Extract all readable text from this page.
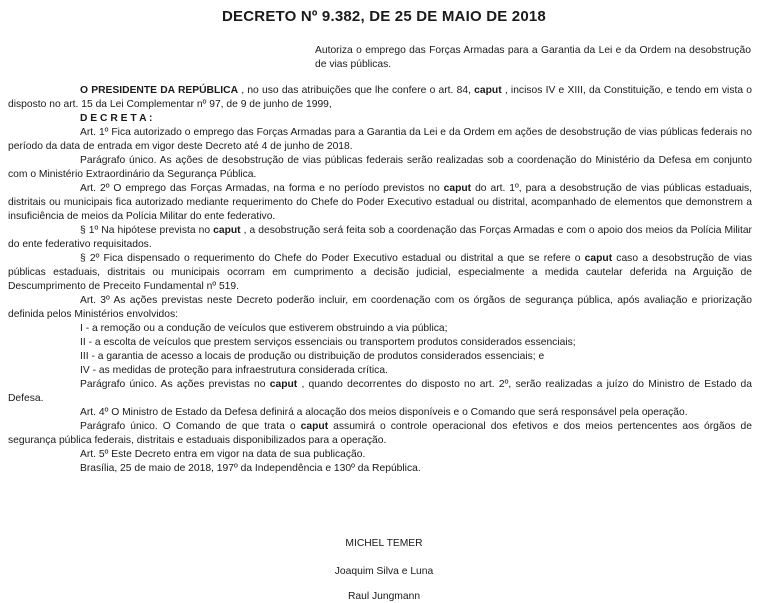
DECRETO Nº 9.382, DE 25 DE MAIO DE 2018
Autoriza o emprego das Forças Armadas para a Garantia da Lei e da Ordem na desobstrução de vias públicas.

O PRESIDENTE DA REPÚBLICA , no uso das atribuições que lhe confere o art. 84, caput , incisos IV e XIII, da Constituição, e tendo em vista o disposto no art. 15 da Lei Complementar nº 97, de 9 de junho de 1999,

D E C R E T A :

Art. 1º Fica autorizado o emprego das Forças Armadas para a Garantia da Lei e da Ordem em ações de desobstrução de vias públicas federais no período da data de entrada em vigor deste Decreto até 4 de junho de 2018.

Parágrafo único. As ações de desobstrução de vias públicas federais serão realizadas sob a coordenação do Ministério da Defesa em conjunto com o Ministério Extraordinário da Segurança Pública.

Art. 2º O emprego das Forças Armadas, na forma e no período previstos no caput do art. 1º, para a desobstrução de vias públicas estaduais, distritais ou municipais fica autorizado mediante requerimento do Chefe do Poder Executivo estadual ou distrital, acompanhado de elementos que demonstrem a insuficiência de meios da Polícia Militar do ente federativo.

§ 1º Na hipótese prevista no caput , a desobstrução será feita sob a coordenação das Forças Armadas e com o apoio dos meios da Polícia Militar do ente federativo requisitados.

§ 2º Fica dispensado o requerimento do Chefe do Poder Executivo estadual ou distrital a que se refere o caput caso a desobstrução de vias públicas estaduais, distritais ou municipais ocorram em cumprimento a decisão judicial, especialmente a medida cautelar deferida na Arguição de Descumprimento de Preceito Fundamental nº 519.

Art. 3º As ações previstas neste Decreto poderão incluir, em coordenação com os órgãos de segurança pública, após avaliação e priorização definida pelos Ministérios envolvidos:

I - a remoção ou a condução de veículos que estiverem obstruindo a via pública;

II - a escolta de veículos que prestem serviços essenciais ou transportem produtos considerados essenciais;

III - a garantia de acesso a locais de produção ou distribuição de produtos considerados essenciais; e

IV - as medidas de proteção para infraestrutura considerada crítica.

Parágrafo único. As ações previstas no caput , quando decorrentes do disposto no art. 2º, serão realizadas a juízo do Ministro de Estado da Defesa.

Art. 4º O Ministro de Estado da Defesa definirá a alocação dos meios disponíveis e o Comando que será responsável pela operação.

Parágrafo único. O Comando de que trata o caput assumirá o controle operacional dos efetivos e dos meios pertencentes aos órgãos de segurança pública federais, distritais e estaduais disponibilizados para a operação.

Art. 5º Este Decreto entra em vigor na data de sua publicação.

Brasília, 25 de maio de 2018, 197º da Independência e 130º da República.

MICHEL TEMER
Joaquim Silva e Luna
Raul Jungmann
